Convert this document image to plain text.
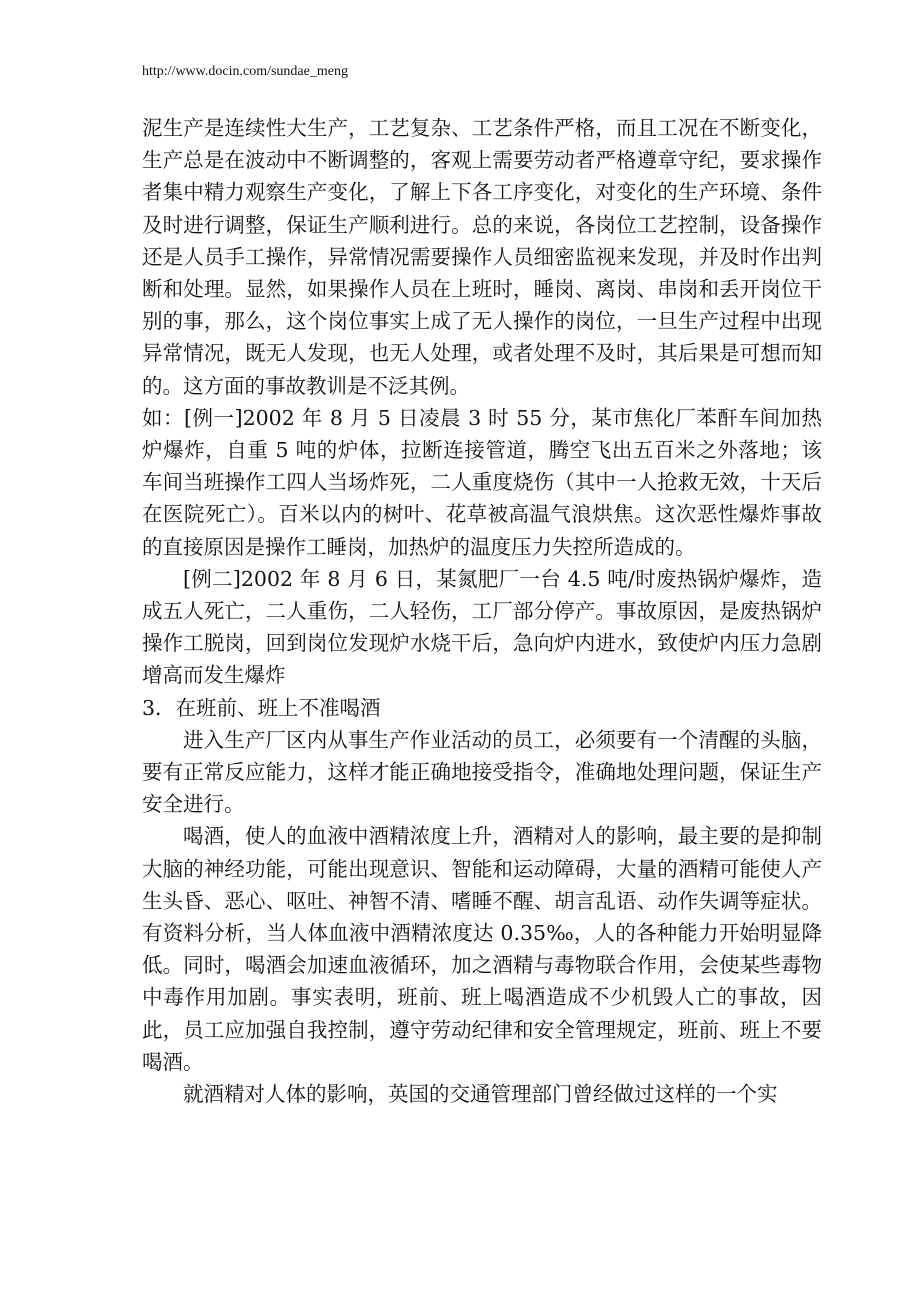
http://www.docin.com/sundae_meng

泥生产是连续性大生产，工艺复杂、工艺条件严格，而且工况在不断变化，生产总是在波动中不断调整的，客观上需要劳动者严格遵章守纪，要求操作者集中精力观察生产变化，了解上下各工序变化，对变化的生产环境、条件及时进行调整，保证生产顺利进行。总的来说，各岗位工艺控制，设备操作还是人员手工操作，异常情况需要操作人员细密监视来发现，并及时作出判断和处理。显然，如果操作人员在上班时，睡岗、离岗、串岗和丢开岗位干别的事，那么，这个岗位事实上成了无人操作的岗位，一旦生产过程中出现异常情况，既无人发现，也无人处理，或者处理不及时，其后果是可想而知的。这方面的事故教训是不泛其例。

如：[例一]2002 年 8 月 5 日凌晨 3 时 55 分，某市焦化厂苯酐车间加热炉爆炸，自重 5 吨的炉体，拉断连接管道，腾空飞出五百米之外落地；该车间当班操作工四人当场炸死，二人重度烧伤（其中一人抢救无效，十天后在医院死亡）。百米以内的树叶、花草被高温气浪烘焦。这次恶性爆炸事故的直接原因是操作工睡岗，加热炉的温度压力失控所造成的。

[例二]2002 年 8 月 6 日，某氮肥厂一台 4.5 吨/时废热锅炉爆炸，造成五人死亡，二人重伤，二人轻伤，工厂部分停产。事故原因，是废热锅炉操作工脱岗，回到岗位发现炉水烧干后，急向炉内进水，致使炉内压力急剧增高而发生爆炸

3．在班前、班上不准喝酒

进入生产厂区内从事生产作业活动的员工，必须要有一个清醒的头脑，要有正常反应能力，这样才能正确地接受指令，准确地处理问题，保证生产安全进行。

喝酒，使人的血液中酒精浓度上升，酒精对人的影响，最主要的是抑制大脑的神经功能，可能出现意识、智能和运动障碍，大量的酒精可能使人产生头昏、恶心、呕吐、神智不清、嗜睡不醒、胡言乱语、动作失调等症状。有资料分析，当人体血液中酒精浓度达 0.35‰，人的各种能力开始明显降低。同时，喝酒会加速血液循环，加之酒精与毒物联合作用，会使某些毒物中毒作用加剧。事实表明，班前、班上喝酒造成不少机毁人亡的事故，因此，员工应加强自我控制，遵守劳动纪律和安全管理规定，班前、班上不要喝酒。

就酒精对人体的影响，英国的交通管理部门曾经做过这样的一个实
